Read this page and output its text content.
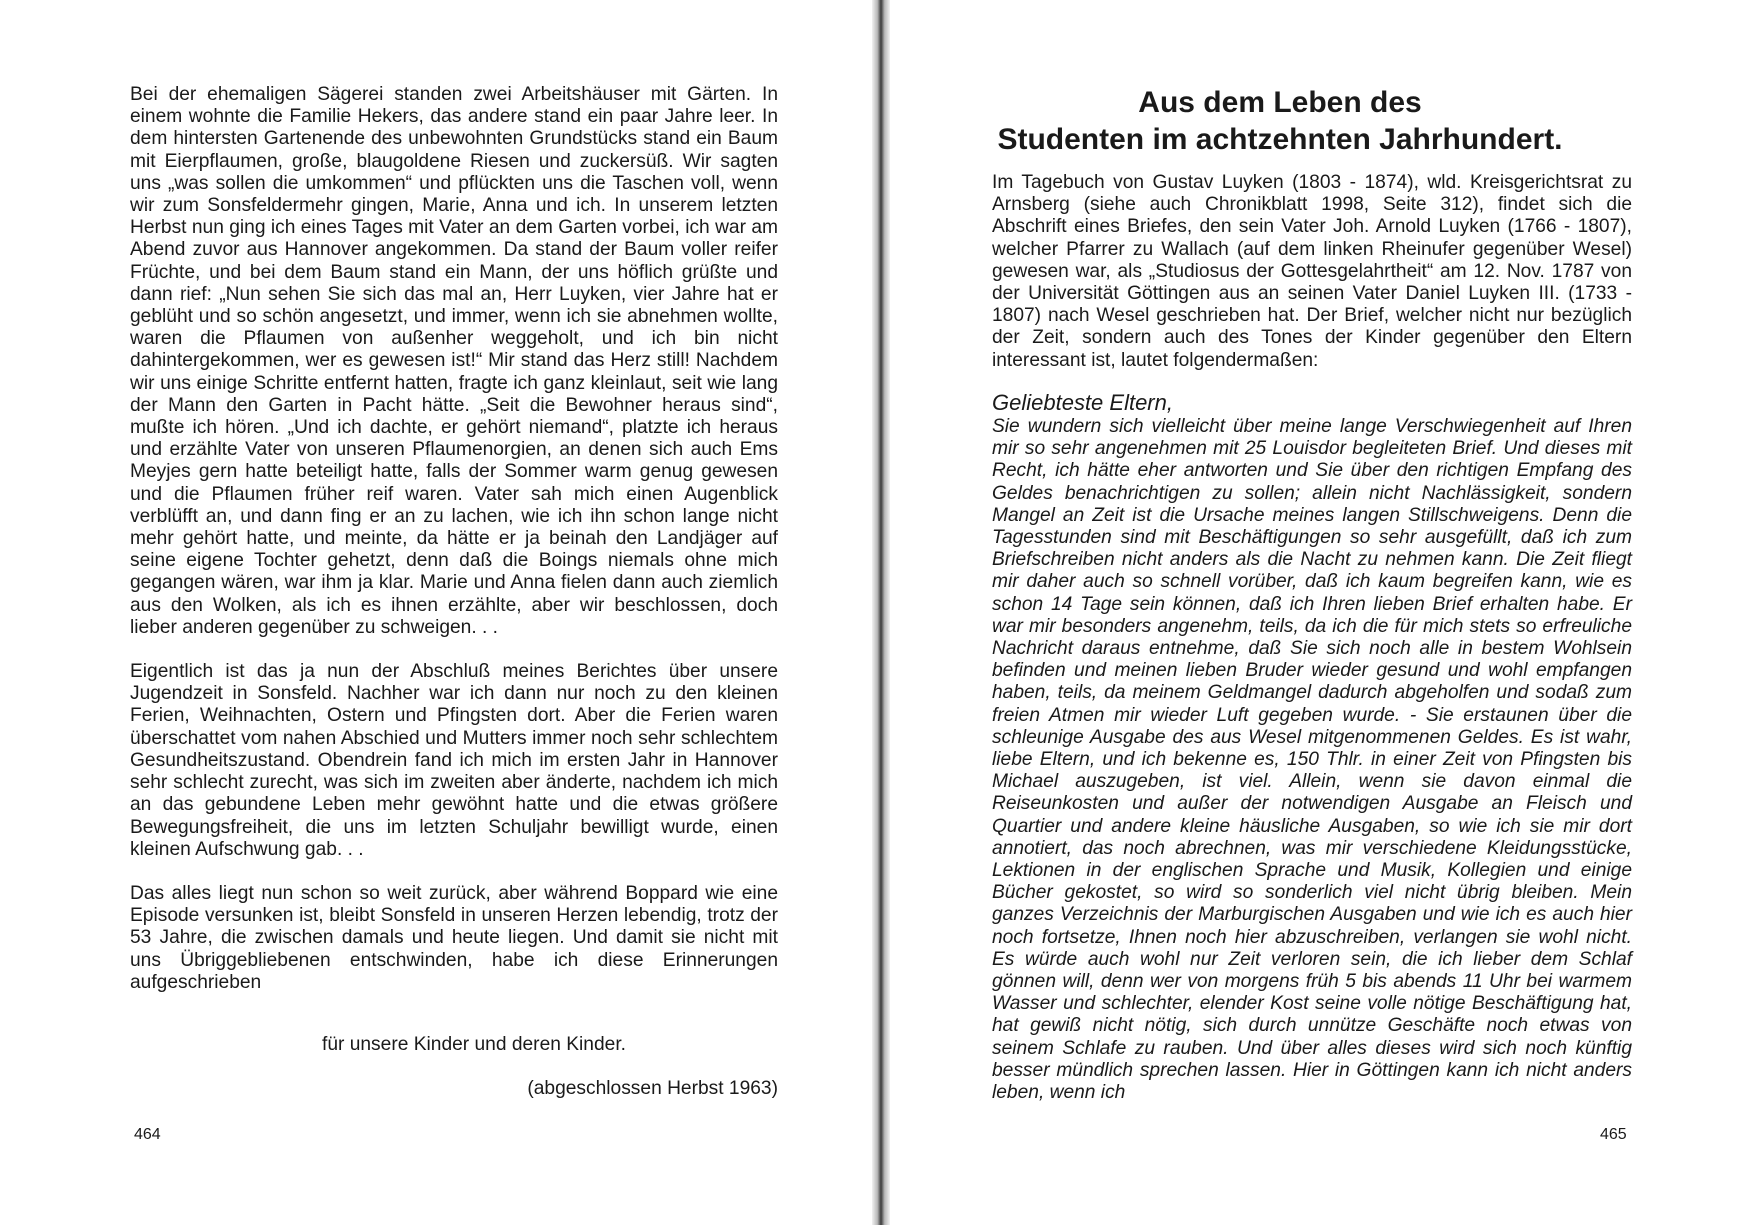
Bei der ehemaligen Sägerei standen zwei Arbeitshäuser mit Gärten. In einem wohnte die Familie Hekers, das andere stand ein paar Jahre leer. In dem hintersten Gartenende des unbewohnten Grundstücks stand ein Baum mit Eierpflaumen, große, blaugoldene Riesen und zuckersüß. Wir sagten uns „was sollen die umkommen“ und pflückten uns die Taschen voll, wenn wir zum Sonsfeldermehr gingen, Marie, Anna und ich. In unserem letzten Herbst nun ging ich eines Tages mit Vater an dem Garten vorbei, ich war am Abend zuvor aus Hannover angekommen. Da stand der Baum voller reifer Früchte, und bei dem Baum stand ein Mann, der uns höflich grüßte und dann rief: „Nun sehen Sie sich das mal an, Herr Luyken, vier Jahre hat er geblüht und so schön angesetzt, und immer, wenn ich sie abnehmen wollte, waren die Pflaumen von außenher weggeholt, und ich bin nicht dahintergekommen, wer es gewesen ist!“ Mir stand das Herz still! Nachdem wir uns einige Schritte entfernt hatten, fragte ich ganz kleinlaut, seit wie lang der Mann den Garten in Pacht hätte. „Seit die Bewohner heraus sind“, mußte ich hören. „Und ich dachte, er gehört niemand“, platzte ich heraus und erzählte Vater von unseren Pflaumenorgien, an denen sich auch Ems Meyjes gern hatte beteiligt hatte, falls der Sommer warm genug gewesen und die Pflaumen früher reif waren. Vater sah mich einen Augenblick verblüfft an, und dann fing er an zu lachen, wie ich ihn schon lange nicht mehr gehört hatte, und meinte, da hätte er ja beinah den Landjäger auf seine eigene Tochter gehetzt, denn daß die Boings niemals ohne mich gegangen wären, war ihm ja klar. Marie und Anna fielen dann auch ziemlich aus den Wolken, als ich es ihnen erzählte, aber wir beschlossen, doch lieber anderen gegenüber zu schweigen. . .

Eigentlich ist das ja nun der Abschluß meines Berichtes über unsere Jugendzeit in Sonsfeld. Nachher war ich dann nur noch zu den kleinen Ferien, Weihnachten, Ostern und Pfingsten dort. Aber die Ferien waren überschattet vom nahen Abschied und Mutters immer noch sehr schlechtem Gesundheitszustand. Obendrein fand ich mich im ersten Jahr in Hannover sehr schlecht zurecht, was sich im zweiten aber änderte, nachdem ich mich an das gebundene Leben mehr gewöhnt hatte und die etwas größere Bewegungsfreiheit, die uns im letzten Schuljahr bewilligt wurde, einen kleinen Aufschwung gab. . .

Das alles liegt nun schon so weit zurück, aber während Boppard wie eine Episode versunken ist, bleibt Sonsfeld in unseren Herzen lebendig, trotz der 53 Jahre, die zwischen damals und heute liegen. Und damit sie nicht mit uns Übriggebliebenen entschwinden, habe ich diese Erinnerungen aufgeschrieben

für unsere Kinder und deren Kinder.
(abgeschlossen Herbst 1963)
464
Aus dem Leben des
Studenten im achtzehnten Jahrhundert.

Im Tagebuch von Gustav Luyken (1803 - 1874), wld. Kreisgerichtsrat zu Arnsberg (siehe auch Chronikblatt 1998, Seite 312), findet sich die Abschrift eines Briefes, den sein Vater Joh. Arnold Luyken (1766 - 1807), welcher Pfarrer zu Wallach (auf dem linken Rheinufer gegenüber Wesel) gewesen war, als „Studiosus der Gottesgelahrtheit“ am 12. Nov. 1787 von der Universität Göttingen aus an seinen Vater Daniel Luyken III. (1733 - 1807) nach Wesel geschrieben hat. Der Brief, welcher nicht nur bezüglich der Zeit, sondern auch des Tones der Kinder gegenüber den Eltern interessant ist, lautet folgendermaßen:

Geliebteste Eltern,

Sie wundern sich vielleicht über meine lange Verschwiegenheit auf Ihren mir so sehr angenehmen mit 25 Louisdor begleiteten Brief. Und dieses mit Recht, ich hätte eher antworten und Sie über den richtigen Empfang des Geldes benachrichtigen zu sollen; allein nicht Nachlässigkeit, sondern Mangel an Zeit ist die Ursache meines langen Stillschweigens. Denn die Tagesstunden sind mit Beschäftigungen so sehr ausgefüllt, daß ich zum Briefschreiben nicht anders als die Nacht zu nehmen kann. Die Zeit fliegt mir daher auch so schnell vorüber, daß ich kaum begreifen kann, wie es schon 14 Tage sein können, daß ich Ihren lieben Brief erhalten habe. Er war mir besonders angenehm, teils, da ich die für mich stets so erfreuliche Nachricht daraus entnehme, daß Sie sich noch alle in bestem Wohlsein befinden und meinen lieben Bruder wieder gesund und wohl empfangen haben, teils, da meinem Geldmangel dadurch abgeholfen und sodaß zum freien Atmen mir wieder Luft gegeben wurde. - Sie erstaunen über die schleunige Ausgabe des aus Wesel mitgenommenen Geldes. Es ist wahr, liebe Eltern, und ich bekenne es, 150 Thlr. in einer Zeit von Pfingsten bis Michael auszugeben, ist viel. Allein, wenn sie davon einmal die Reiseunkosten und außer der notwendigen Ausgabe an Fleisch und Quartier und andere kleine häusliche Ausgaben, so wie ich sie mir dort annotiert, das noch abrechnen, was mir verschiedene Kleidungsstücke, Lektionen in der englischen Sprache und Musik, Kollegien und einige Bücher gekostet, so wird so sonderlich viel nicht übrig bleiben. Mein ganzes Verzeichnis der Marburgischen Ausgaben und wie ich es auch hier noch fortsetze, Ihnen noch hier abzuschreiben, verlangen sie wohl nicht. Es würde auch wohl nur Zeit verloren sein, die ich lieber dem Schlaf gönnen will, denn wer von morgens früh 5 bis abends 11 Uhr bei warmem Wasser und schlechter, elender Kost seine volle nötige Beschäftigung hat, hat gewiß nicht nötig, sich durch unnütze Geschäfte noch etwas von seinem Schlafe zu rauben. Und über alles dieses wird sich noch künftig besser mündlich sprechen lassen. Hier in Göttingen kann ich nicht anders leben, wenn ich

465
